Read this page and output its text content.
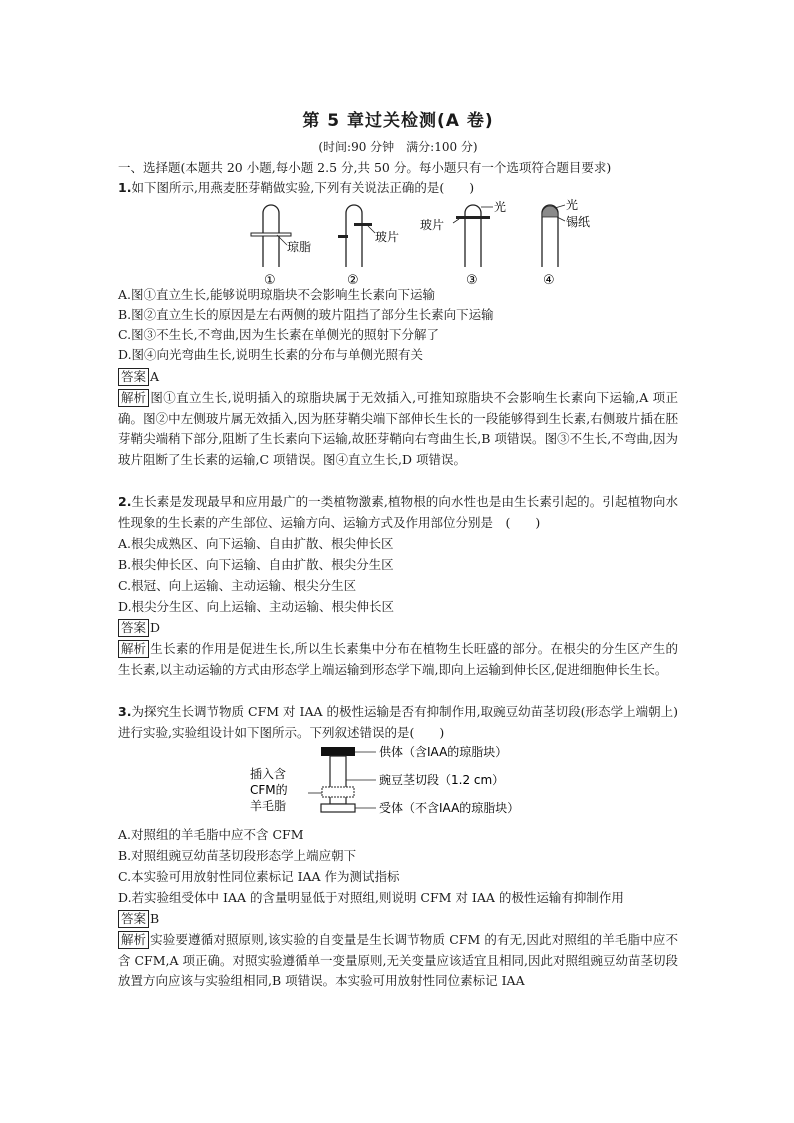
第 5 章过关检测(A 卷)
(时间:90 分钟　满分:100 分)
一、选择题(本题共 20 小题,每小题 2.5 分,共 50 分。每小题只有一个选项符合题目要求)
1.如下图所示,用燕麦胚芽鞘做实验,下列有关说法正确的是(　　)
琼脂
玻片
玻片
光	光
锡纸
①	②	③	④
A.图①直立生长,能够说明琼脂块不会影响生长素向下运输
B.图②直立生长的原因是左右两侧的玻片阻挡了部分生长素向下运输
C.图③不生长,不弯曲,因为生长素在单侧光的照射下分解了
D.图④向光弯曲生长,说明生长素的分布与单侧光照有关
答案 A
解析 图①直立生长,说明插入的琼脂块属于无效插入,可推知琼脂块不会影响生长素向下运输,A 项正确。图②中左侧玻片属无效插入,因为胚芽鞘尖端下部伸长生长的一段能够得到生长素,右侧玻片插在胚芽鞘尖端稍下部分,阻断了生长素向下运输,故胚芽鞘向右弯曲生长,B 项错误。图③不生长,不弯曲,因为玻片阻断了生长素的运输,C 项错误。图④直立生长,D 项错误。
2.生长素是发现最早和应用最广的一类植物激素,植物根的向水性也是由生长素引起的。引起植物向水性现象的生长素的产生部位、运输方向、运输方式及作用部位分别是　(　　)
A.根尖成熟区、向下运输、自由扩散、根尖伸长区
B.根尖伸长区、向下运输、自由扩散、根尖分生区
C.根冠、向上运输、主动运输、根尖分生区
D.根尖分生区、向上运输、主动运输、根尖伸长区
答案 D
解析 生长素的作用是促进生长,所以生长素集中分布在植物生长旺盛的部分。在根尖的分生区产生的生长素,以主动运输的方式由形态学上端运输到形态学下端,即向上运输到伸长区,促进细胞伸长生长。
3.为探究生长调节物质 CFM 对 IAA 的极性运输是否有抑制作用,取豌豆幼苗茎切段(形态学上端朝上)进行实验,实验组设计如下图所示。下列叙述错误的是(　　)
供体（含IAA的琼脂块）
豌豆茎切段（1.2 cm）
受体（不含IAA的琼脂块）
插入含
CFM的
羊毛脂
A.对照组的羊毛脂中应不含 CFM
B.对照组豌豆幼苗茎切段形态学上端应朝下
C.本实验可用放射性同位素标记 IAA 作为测试指标
D.若实验组受体中 IAA 的含量明显低于对照组,则说明 CFM 对 IAA 的极性运输有抑制作用
答案 B
解析 实验要遵循对照原则,该实验的自变量是生长调节物质 CFM 的有无,因此对照组的羊毛脂中应不含 CFM,A 项正确。对照实验遵循单一变量原则,无关变量应该适宜且相同,因此对照组豌豆幼苗茎切段放置方向应该与实验组相同,B 项错误。本实验可用放射性同位素标记 IAA
